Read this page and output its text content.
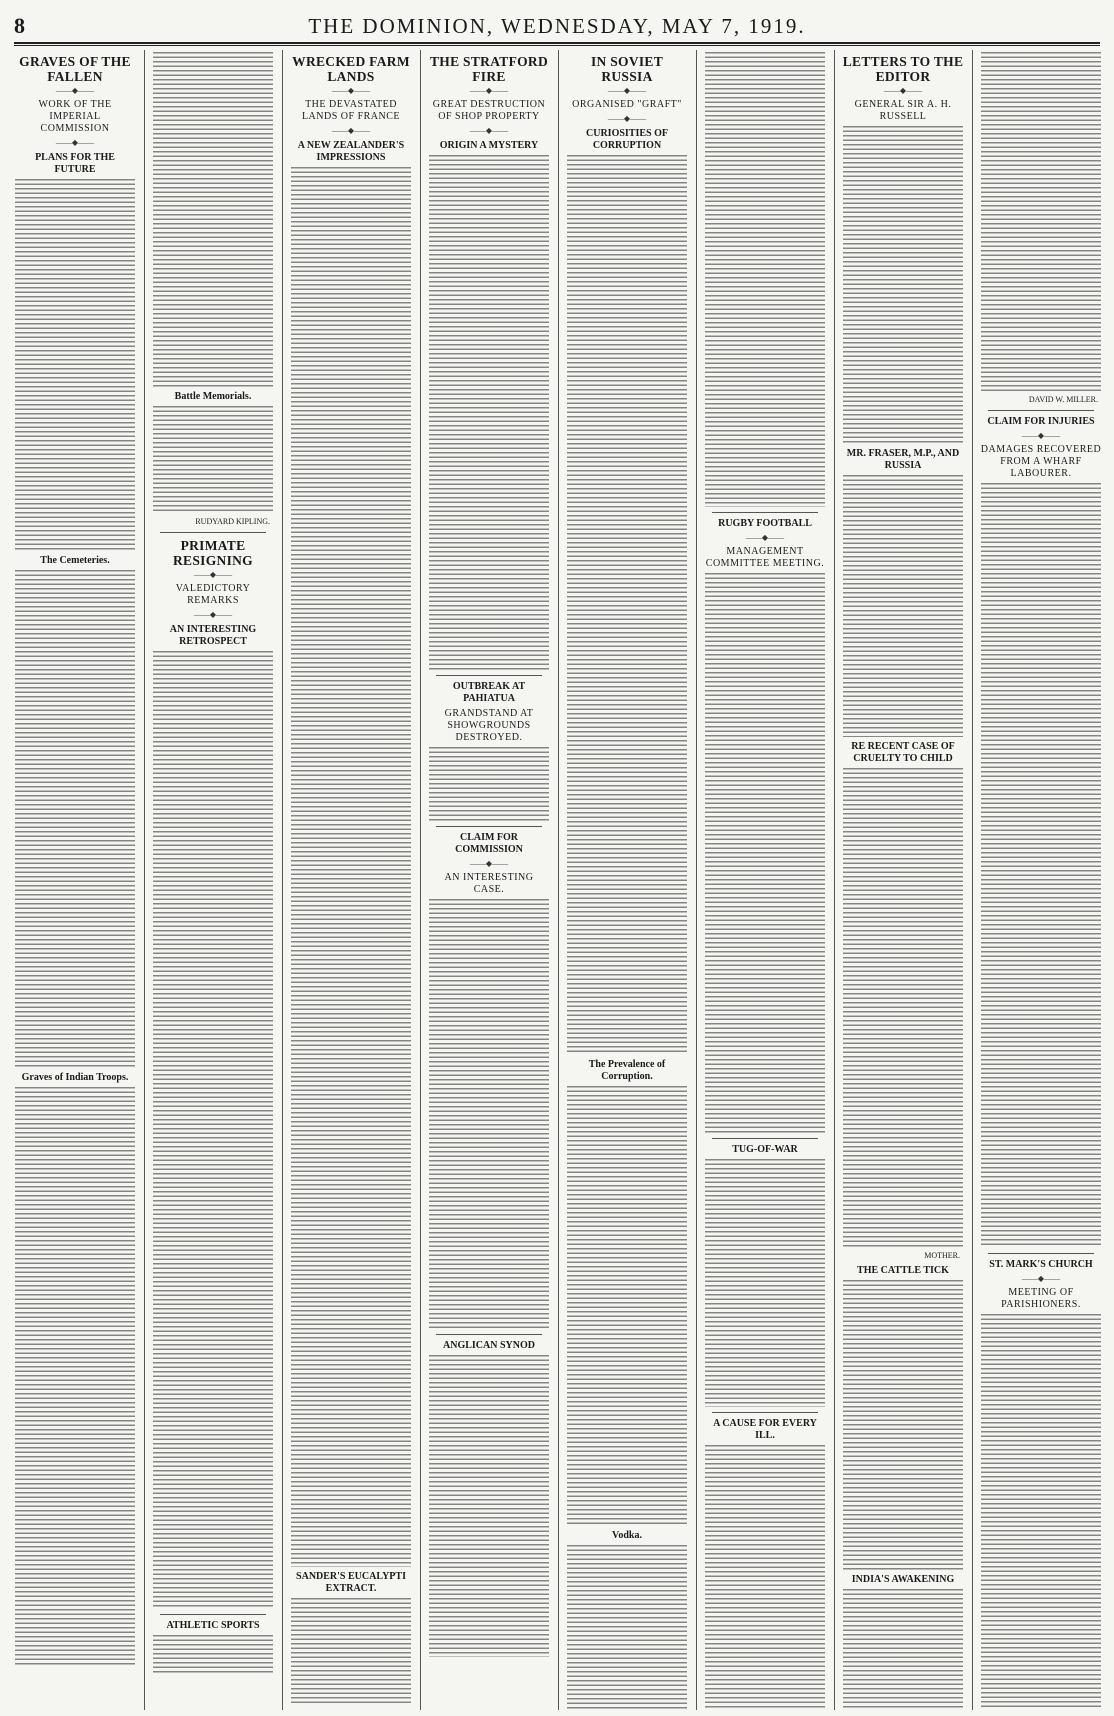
8	THE DOMINION, WEDNESDAY, MAY 7, 1919.
GRAVES OF THE FALLEN
——◆——
WORK OF THE IMPERIAL COMMISSION
——◆——
PLANS FOR THE FUTURE
The Cemeteries.
Graves of Indian Troops.
Battle Memorials.
RUDYARD KIPLING.
PRIMATE RESIGNING
——◆——
VALEDICTORY REMARKS
——◆——
AN INTERESTING RETROSPECT
ATHLETIC SPORTS
WRECKED FARM LANDS
——◆——
THE DEVASTATED LANDS OF FRANCE
——◆——
A NEW ZEALANDER'S IMPRESSIONS
SANDER'S EUCALYPTI EXTRACT.
THE STRATFORD FIRE
——◆——
GREAT DESTRUCTION OF SHOP PROPERTY
——◆——
ORIGIN A MYSTERY
OUTBREAK AT PAHIATUA
GRANDSTAND AT SHOWGROUNDS DESTROYED.
CLAIM FOR COMMISSION
——◆——
AN INTERESTING CASE.
ANGLICAN SYNOD
IN SOVIET RUSSIA
——◆——
ORGANISED "GRAFT"
——◆——
CURIOSITIES OF CORRUPTION
The Prevalence of Corruption.
Vodka.
RUGBY FOOTBALL
——◆——
MANAGEMENT COMMITTEE MEETING.
TUG-OF-WAR
A CAUSE FOR EVERY ILL.
LETTERS TO THE EDITOR
——◆——
GENERAL SIR A. H. RUSSELL
MR. FRASER, M.P., AND RUSSIA
RE RECENT CASE OF CRUELTY TO CHILD
MOTHER.
THE CATTLE TICK
INDIA'S AWAKENING
DAVID W. MILLER.
CLAIM FOR INJURIES
——◆——
DAMAGES RECOVERED FROM A WHARF LABOURER.
ST. MARK'S CHURCH
——◆——
MEETING OF PARISHIONERS.
